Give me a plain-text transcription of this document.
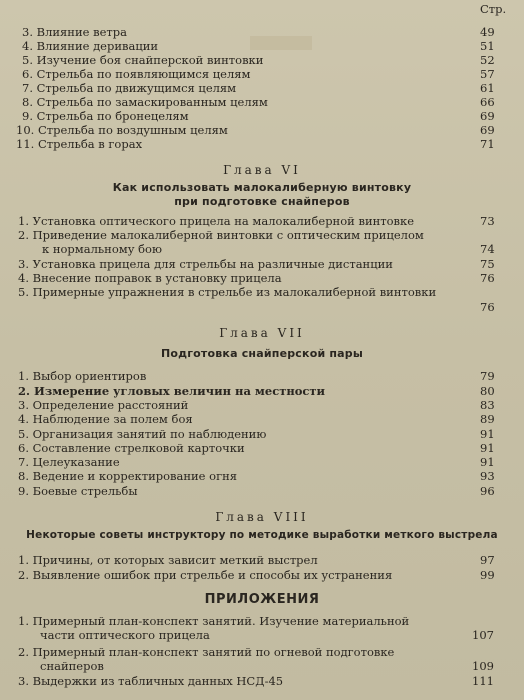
Стр.
3. Влияние ветра	49
4. Влияние деривации	51
5. Изучение боя снайперской винтовки	52
6. Стрельба по появляющимся целям	57
7. Стрельба по движущимся целям	61
8. Стрельба по замаскированным целям	66
9. Стрельба по бронецелям	69
10. Стрельба по воздушным целям	69
11. Стрельба в горах	71
Глава VI
Как использовать малокалиберную винтовку
при подготовке снайперов
1. Установка оптического прицела на малокалиберной винтовке	73
2. Приведение малокалиберной винтовки с оптическим прицелом
к нормальному бою	74
3. Установка прицела для стрельбы на различные дистанции	75
4. Внесение поправок в установку прицела	76
5. Примерные упражнения в стрельбе из малокалиберной винтовки
76
Глава VII
Подготовка снайперской пары
1. Выбор ориентиров	79
2. Измерение угловых величин на местности	80
3. Определение расстояний	83
4. Наблюдение за полем боя	89
5. Организация занятий по наблюдению	91
6. Составление стрелковой карточки	91
7. Целеуказание	91
8. Ведение и корректирование огня	93
9. Боевые стрельбы	96
Глава VIII
Некоторые советы инструктору по методике выработки меткого выстрела
1. Причины, от которых зависит меткий выстрел	97
2. Выявление ошибок при стрельбе и способы их устранения	99
ПРИЛОЖЕНИЯ
1. Примерный план-конспект занятий. Изучение материальной
части оптического прицела	107
2. Примерный план-конспект занятий по огневой подготовке
снайперов	109
3. Выдержки из табличных данных НСД-45	111
